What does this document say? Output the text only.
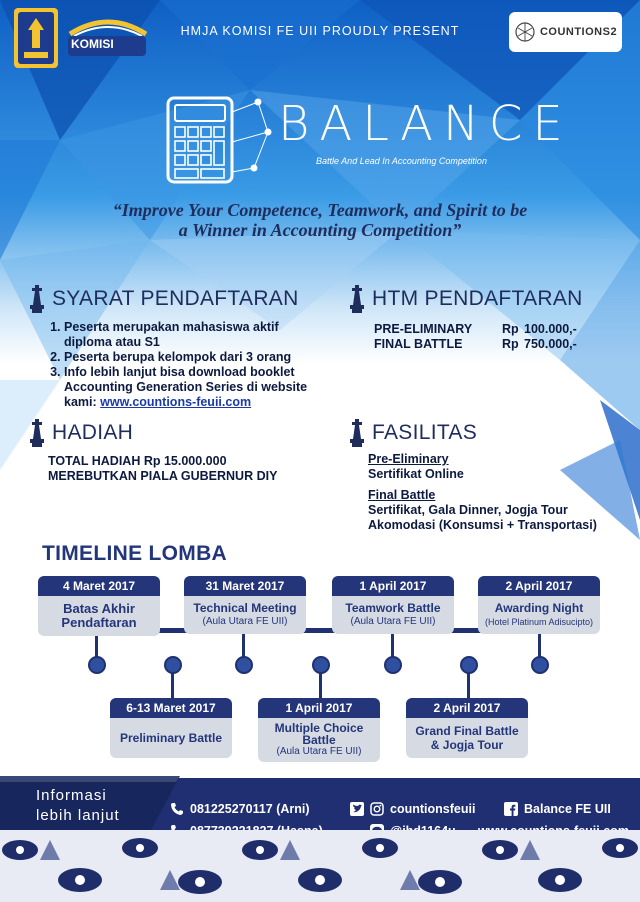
KOMISI
HMJA KOMISI FE UII PROUDLY PRESENT	COUNTIONS2
BALANCE
Battle And Lead In Accounting Competition
“Improve Your Competence, Teamwork, and Spirit to be
a Winner in Accounting Competition”
SYARAT PENDAFTARAN
1. Peserta merupakan mahasiswa aktif diploma atau S1
2. Peserta berupa kelompok dari 3 orang
3. Info lebih lanjut bisa download booklet Accounting Generation Series di website kami: www.countions-feuii.com
HTM PENDAFTARAN
PRE-ELIMINARY	Rp 100.000,-
FINAL BATTLE	Rp 750.000,-
HADIAH
TOTAL HADIAH Rp 15.000.000
MEREBUTKAN PIALA GUBERNUR DIY
FASILITAS
Pre-Eliminary
Sertifikat Online
Final Battle
Sertifikat, Gala Dinner, Jogja Tour
Akomodasi (Konsumsi + Transportasi)
TIMELINE LOMBA
4 Maret 2017
Batas Akhir
Pendaftaran
31 Maret 2017
Technical Meeting
(Aula Utara FE UII)
1 April 2017
Teamwork Battle
(Aula Utara FE UII)
2 April 2017
Awarding Night
(Hotel Platinum Adisucipto)
6-13 Maret 2017
Preliminary Battle
1 April 2017
Multiple Choice
Battle
(Aula Utara FE UII)
2 April 2017
Grand Final Battle
& Jogja Tour
Informasi
lebih lanjut	081225270117 (Arni)	countionsfeuii	Balance FE UII
